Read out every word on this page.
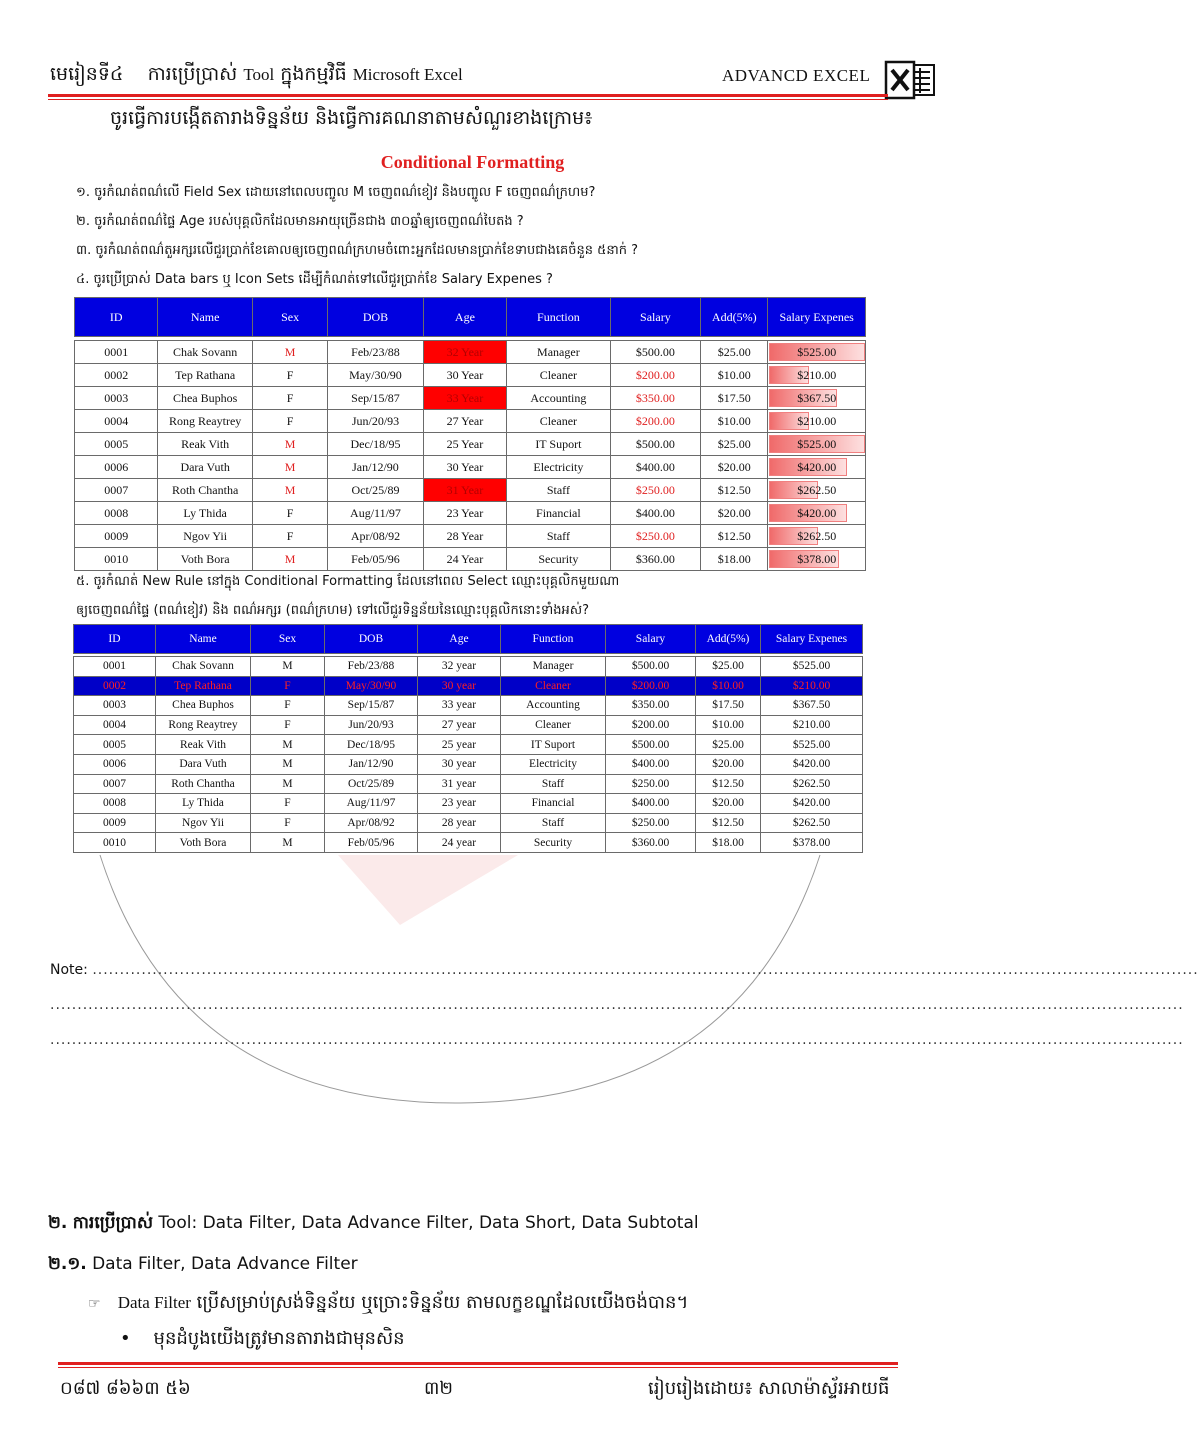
មេរៀនទី៤ ការប្រើប្រាស់ Tool ក្នុងកម្មវិធី Microsoft Excel	ADVANCD EXCEL
ចូរធ្វើការបង្កើតតារាងទិន្នន័យ និងធ្វើការគណនាតាមសំណួរខាងក្រោម៖
Conditional Formatting
១. ចូរកំណត់ពណ៌លើ Field Sex ដោយនៅពេលបញ្ចូល M ចេញពណ៌ខៀវ និងបញ្ចូល F ចេញពណ៌ក្រហម?
២. ចូរកំណត់ពណ៌ផ្ទៃ Age របស់បុគ្គលិកដែលមានអាយុច្រើនជាង ៣០ឆ្នាំឲ្យចេញពណ៌បៃតង ?
៣. ចូរកំណត់ពណ៌តួអក្សរលើជួរប្រាក់ខែគោលឲ្យចេញពណ៌ក្រហមចំពោះអ្នកដែលមានប្រាក់ខែទាបជាងគេចំនួន ៥នាក់ ?
៤. ចូរប្រើប្រាស់ Data bars ឬ Icon Sets ដើម្បីកំណត់ទៅលើជួរប្រាក់ខែ Salary Expenes ?
ID	Name	Sex	DOB	Age	Function	Salary	Add(5%)	Salary Expenes

0001	Chak Sovann	M	Feb/23/88	32 Year	Manager	$500.00	$25.00	$525.00
0002	Tep Rathana	F	May/30/90	30 Year	Cleaner	$200.00	$10.00	$210.00
0003	Chea Buphos	F	Sep/15/87	33 Year	Accounting	$350.00	$17.50	$367.50
0004	Rong Reaytrey	F	Jun/20/93	27 Year	Cleaner	$200.00	$10.00	$210.00
0005	Reak Vith	M	Dec/18/95	25 Year	IT Suport	$500.00	$25.00	$525.00
0006	Dara Vuth	M	Jan/12/90	30 Year	Electricity	$400.00	$20.00	$420.00
0007	Roth Chantha	M	Oct/25/89	31 Year	Staff	$250.00	$12.50	$262.50
0008	Ly Thida	F	Aug/11/97	23 Year	Financial	$400.00	$20.00	$420.00
0009	Ngov Yii	F	Apr/08/92	28 Year	Staff	$250.00	$12.50	$262.50
0010	Voth Bora	M	Feb/05/96	24 Year	Security	$360.00	$18.00	$378.00
៥. ចូរកំណត់ New Rule នៅក្នុង Conditional Formatting ដែលនៅពេល Select ឈ្មោះបុគ្គលិកមួយណា
ឲ្យចេញពណ៌ផ្ទៃ (ពណ៌ខៀវ) និង ពណ៌អក្សរ (ពណ៌ក្រហម) ទៅលើជួរទិន្នន័យនៃឈ្មោះបុគ្គលិកនោះទាំងអស់?
ID	Name	Sex	DOB	Age	Function	Salary	Add(5%)	Salary Expenes

0001	Chak Sovann	M	Feb/23/88	32 year	Manager	$500.00	$25.00	$525.00
0002	Tep Rathana	F	May/30/90	30 year	Cleaner	$200.00	$10.00	$210.00
0003	Chea Buphos	F	Sep/15/87	33 year	Accounting	$350.00	$17.50	$367.50
0004	Rong Reaytrey	F	Jun/20/93	27 year	Cleaner	$200.00	$10.00	$210.00
0005	Reak Vith	M	Dec/18/95	25 year	IT Suport	$500.00	$25.00	$525.00
0006	Dara Vuth	M	Jan/12/90	30 year	Electricity	$400.00	$20.00	$420.00
0007	Roth Chantha	M	Oct/25/89	31 year	Staff	$250.00	$12.50	$262.50
0008	Ly Thida	F	Aug/11/97	23 year	Financial	$400.00	$20.00	$420.00
0009	Ngov Yii	F	Apr/08/92	28 year	Staff	$250.00	$12.50	$262.50
0010	Voth Bora	M	Feb/05/96	24 year	Security	$360.00	$18.00	$378.00
Note: ...........................................................................................................................................................................................................
................................................................................................................................................................................................................
................................................................................................................................................................................................................
២. ការប្រើប្រាស់ Tool: Data Filter, Data Advance Filter, Data Short, Data Subtotal
២.១. Data Filter, Data Advance Filter
☞ Data Filter ប្រើសម្រាប់ស្រង់ទិន្នន័យ ឬច្រោះទិន្នន័យ តាមលក្ខខណ្ឌដែលយើងចង់បាន។
• មុនដំបូងយើងត្រូវមានតារាងជាមុនសិន
០៨៧ ៨៦៦៣ ៥៦	៣២	រៀបរៀងដោយ៖ សាលាម៉ាស្ទ័រអាយធី
